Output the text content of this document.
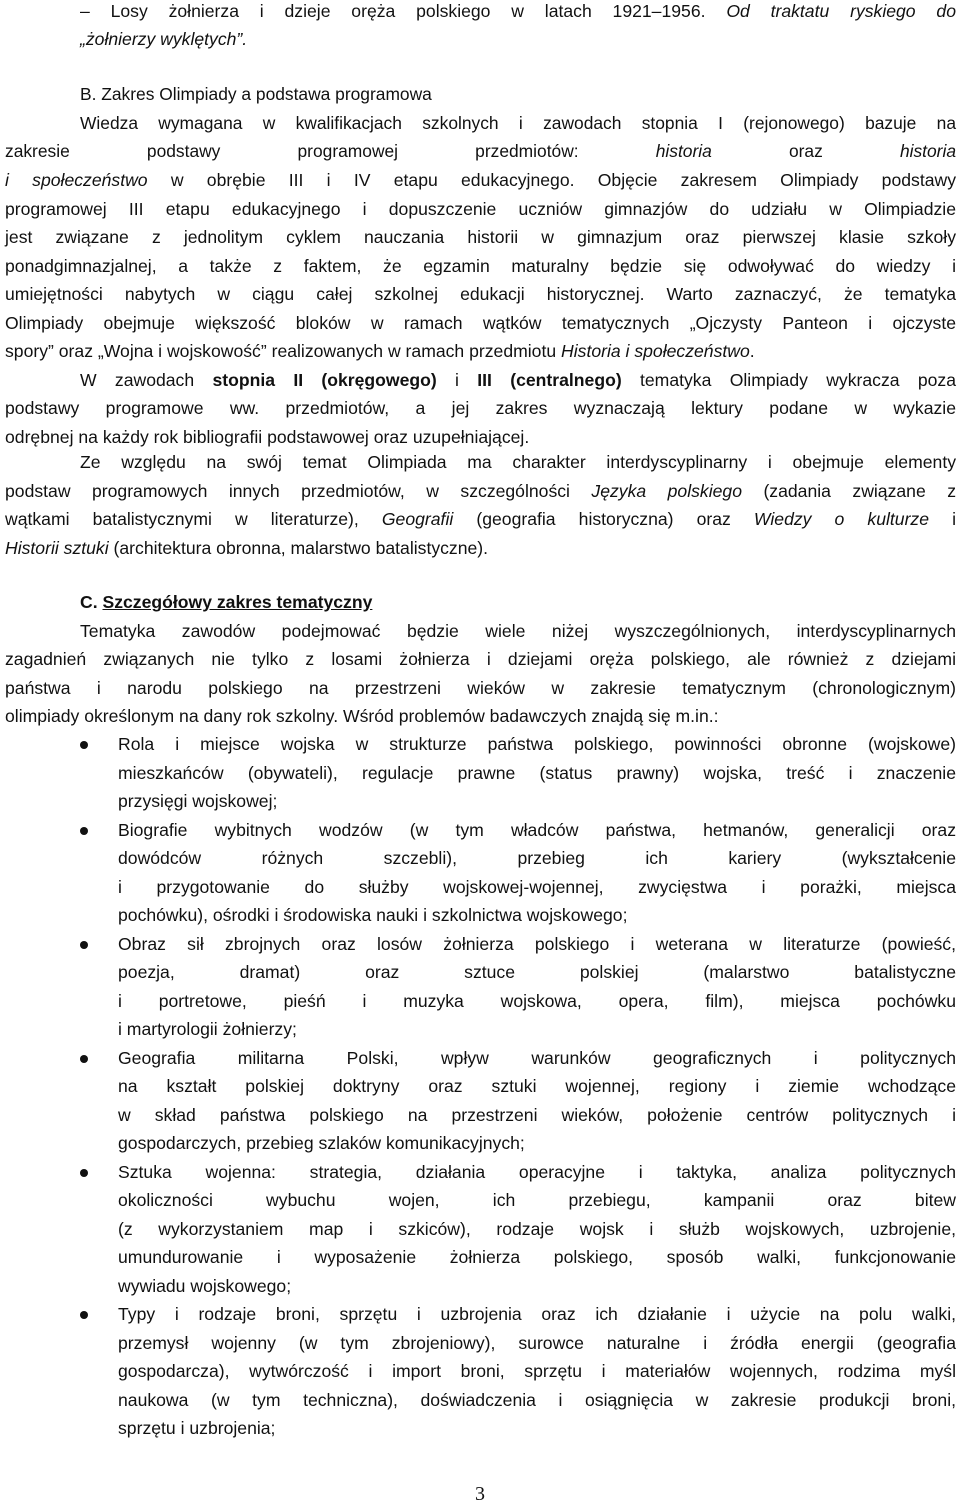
– Losy żołnierza i dzieje oręża polskiego w latach 1921–1956. Od traktatu ryskiego do
„żołnierzy wyklętych”.
B. Zakres Olimpiady a podstawa programowa
Wiedza wymagana w kwalifikacjach szkolnych i zawodach stopnia I (rejonowego) bazuje na
zakresie podstawy programowej przedmiotów: historia oraz historia
i społeczeństwo w obrębie III i IV etapu edukacyjnego. Objęcie zakresem Olimpiady podstawy
programowej III etapu edukacyjnego i dopuszczenie uczniów gimnazjów do udziału w Olimpiadzie
jest związane z jednolitym cyklem nauczania historii w gimnazjum oraz pierwszej klasie szkoły
ponadgimnazjalnej, a także z faktem, że egzamin maturalny będzie się odwoływać do wiedzy i
umiejętności nabytych w ciągu całej szkolnej edukacji historycznej. Warto zaznaczyć, że tematyka
Olimpiady obejmuje większość bloków w ramach wątków tematycznych „Ojczysty Panteon i ojczyste
spory” oraz „Wojna i wojskowość” realizowanych w ramach przedmiotu Historia i społeczeństwo.
W zawodach stopnia II (okręgowego) i III (centralnego) tematyka Olimpiady wykracza poza
podstawy programowe ww. przedmiotów, a jej zakres wyznaczają lektury podane w wykazie
odrębnej na każdy rok bibliografii podstawowej oraz uzupełniającej.
Ze względu na swój temat Olimpiada ma charakter interdyscyplinarny i obejmuje elementy
podstaw programowych innych przedmiotów, w szczególności Języka polskiego (zadania związane z
wątkami batalistycznymi w literaturze), Geografii (geografia historyczna) oraz Wiedzy o kulturze i
Historii sztuki (architektura obronna, malarstwo batalistyczne).
C. Szczegółowy zakres tematyczny
Tematyka zawodów podejmować będzie wiele niżej wyszczególnionych, interdyscyplinarnych
zagadnień związanych nie tylko z losami żołnierza i dziejami oręża polskiego, ale również z dziejami
państwa i narodu polskiego na przestrzeni wieków w zakresie tematycznym (chronologicznym)
olimpiady określonym na dany rok szkolny. Wśród problemów badawczych znajdą się m.in.:
Rola i miejsce wojska w strukturze państwa polskiego, powinności obronne (wojskowe)
mieszkańców (obywateli), regulacje prawne (status prawny) wojska, treść i znaczenie
przysięgi wojskowej;
Biografie wybitnych wodzów (w tym władców państwa, hetmanów, generalicji oraz
dowódców różnych szczebli), przebieg ich kariery (wykształcenie
i przygotowanie do służby wojskowej-wojennej, zwycięstwa i porażki, miejsca
pochówku), ośrodki i środowiska nauki i szkolnictwa wojskowego;
Obraz sił zbrojnych oraz losów żołnierza polskiego i weterana w literaturze (powieść,
poezja, dramat) oraz sztuce polskiej (malarstwo batalistyczne
i portretowe, pieśń i muzyka wojskowa, opera, film), miejsca pochówku
i martyrologii żołnierzy;
Geografia militarna Polski, wpływ warunków geograficznych i politycznych
na kształt polskiej doktryny oraz sztuki wojennej, regiony i ziemie wchodzące
w skład państwa polskiego na przestrzeni wieków, położenie centrów politycznych i
gospodarczych, przebieg szlaków komunikacyjnych;
Sztuka wojenna: strategia, działania operacyjne i taktyka, analiza politycznych
okoliczności wybuchu wojen, ich przebiegu, kampanii oraz bitew
(z wykorzystaniem map i szkiców), rodzaje wojsk i służb wojskowych, uzbrojenie,
umundurowanie i wyposażenie żołnierza polskiego, sposób walki, funkcjonowanie
wywiadu wojskowego;
Typy i rodzaje broni, sprzętu i uzbrojenia oraz ich działanie i użycie na polu walki,
przemysł wojenny (w tym zbrojeniowy), surowce naturalne i źródła energii (geografia
gospodarcza), wytwórczość i import broni, sprzętu i materiałów wojennych, rodzima myśl
naukowa (w tym techniczna), doświadczenia i osiągnięcia w zakresie produkcji broni,
sprzętu i uzbrojenia;
3
